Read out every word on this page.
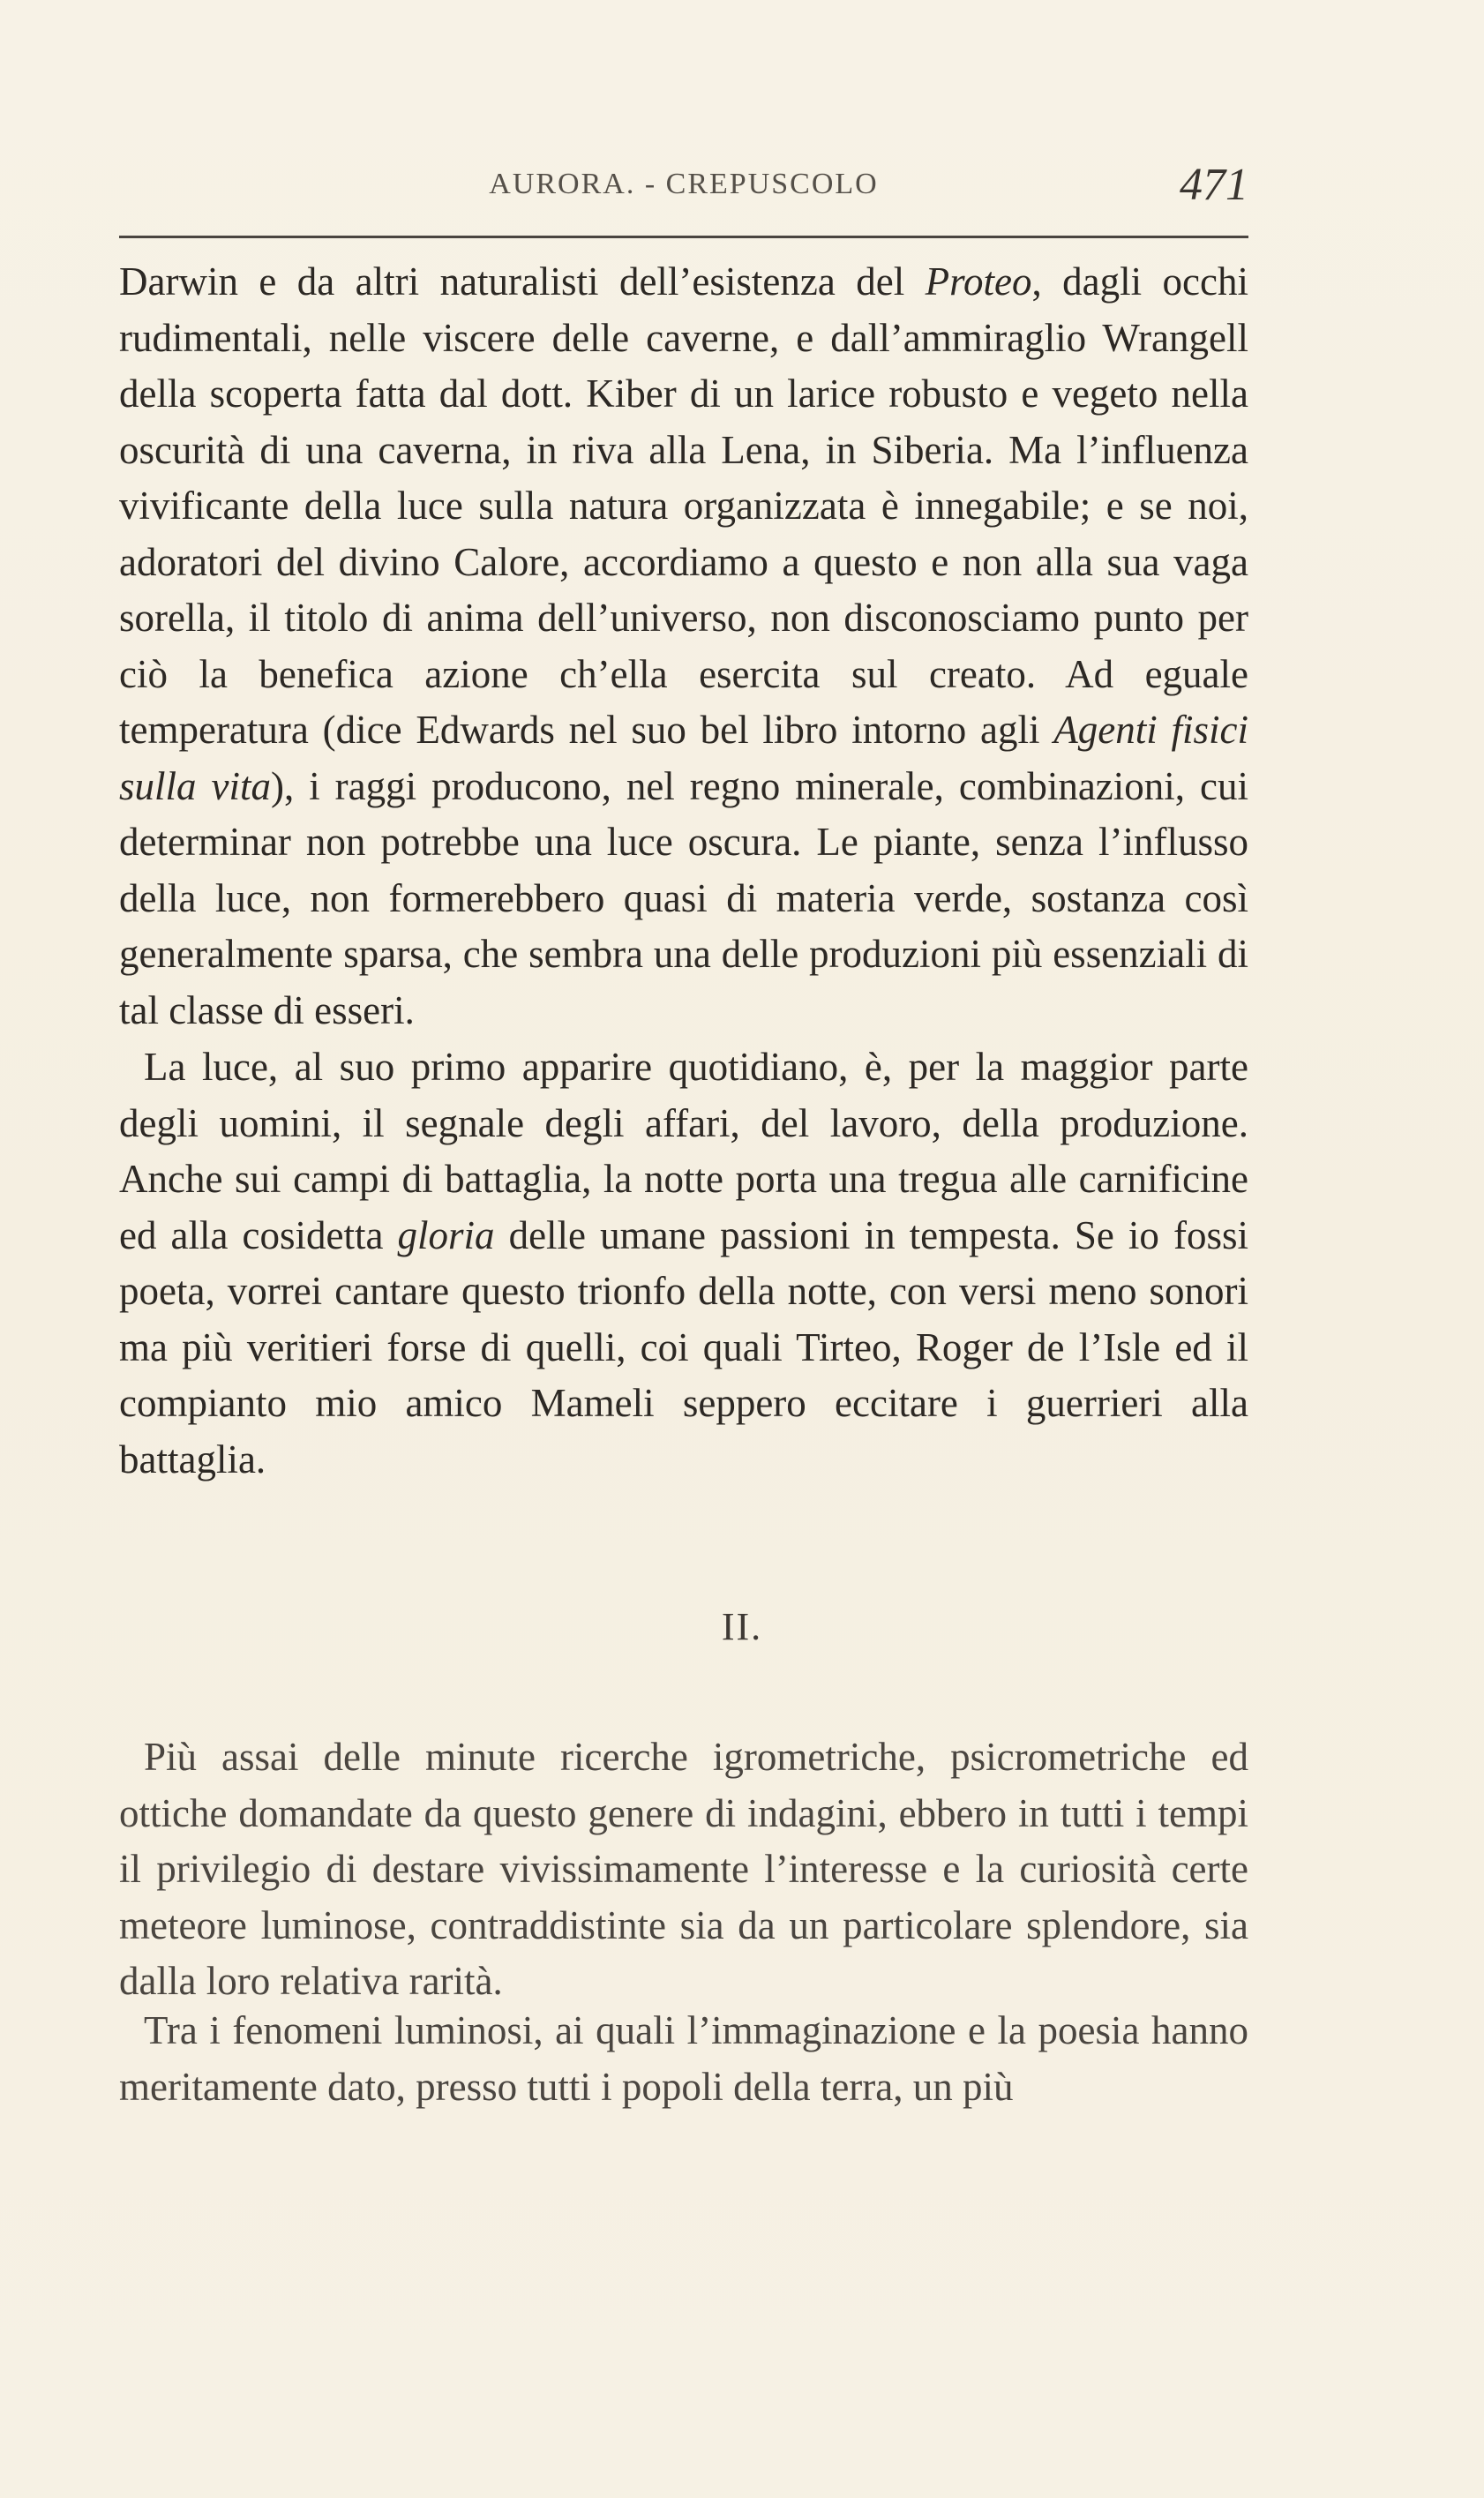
AURORA. - CREPUSCOLO	471

Darwin e da altri naturalisti dell’esistenza del Proteo, dagli occhi rudimentali, nelle viscere delle caverne, e dall’ammiraglio Wrangell della scoperta fatta dal dott. Kiber di un larice robusto e vegeto nella oscurità di una caverna, in riva alla Lena, in Siberia. Ma l’influenza vivificante della luce sulla natura organizzata è innegabile; e se noi, adoratori del divino Calore, accordiamo a questo e non alla sua vaga sorella, il titolo di anima dell’universo, non disconosciamo punto per ciò la benefica azione ch’ella esercita sul creato. Ad eguale temperatura (dice Edwards nel suo bel libro intorno agli Agenti fisici sulla vita), i raggi producono, nel regno minerale, combinazioni, cui determinar non potrebbe una luce oscura. Le piante, senza l’influsso della luce, non formerebbero quasi di materia verde, sostanza così generalmente sparsa, che sembra una delle produzioni più essenziali di tal classe di esseri.

La luce, al suo primo apparire quotidiano, è, per la maggior parte degli uomini, il segnale degli affari, del lavoro, della produzione. Anche sui campi di battaglia, la notte porta una tregua alle carnificine ed alla cosidetta gloria delle umane passioni in tempesta. Se io fossi poeta, vorrei cantare questo trionfo della notte, con versi meno sonori ma più veritieri forse di quelli, coi quali Tirteo, Roger de l’Isle ed il compianto mio amico Mameli seppero eccitare i guerrieri alla battaglia.

II.

Più assai delle minute ricerche igrometriche, psicrometriche ed ottiche domandate da questo genere di indagini, ebbero in tutti i tempi il privilegio di destare vivissimamente l’interesse e la curiosità certe meteore luminose, contraddistinte sia da un particolare splendore, sia dalla loro relativa rarità.

Tra i fenomeni luminosi, ai quali l’immaginazione e la poesia hanno meritamente dato, presso tutti i popoli della terra, un più
